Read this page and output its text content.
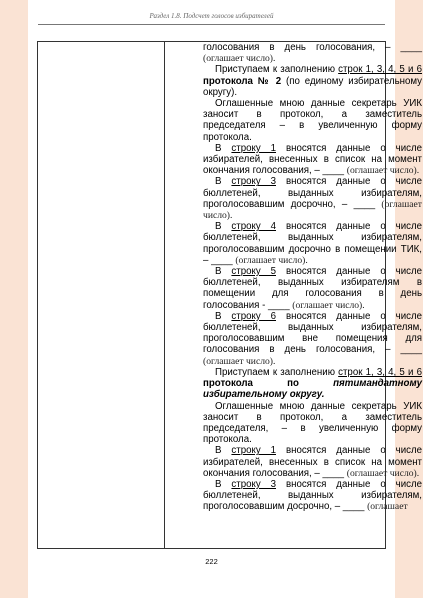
Раздел 1.8. Подсчет голосов избирателей

голосования в день голосования, – ____ (оглашает число).

Приступаем к заполнению строк 1, 3, 4, 5 и 6 протокола № 2 (по единому избирательному округу).

Оглашенные мною данные секретарь УИК заносит в протокол, а заместитель председателя – в увеличенную форму протокола.

В строку 1 вносятся данные о числе избирателей, внесенных в список на момент окончания голосования, – ____ (оглашает число).

В строку 3 вносятся данные о числе бюллетеней, выданных избирателям, проголосовавшим досрочно, – ____ (оглашает число).

В строку 4 вносятся данные о числе бюллетеней, выданных избирателям, проголосовавшим досрочно в помещении ТИК, – ____ (оглашает число).

В строку 5 вносятся данные о числе бюллетеней, выданных избирателям в помещении для голосования в день голосования - ____ (оглашает число).

В строку 6 вносятся данные о числе бюллетеней, выданных избирателям, проголосовавшим вне помещения для голосования в день голосования, – ____ (оглашает число).

Приступаем к заполнению строк 1, 3, 4, 5 и 6 протокола по	пятимандатному избирательному округу.

Оглашенные мною данные секретарь УИК заносит в протокол, а заместитель председателя, – в увеличенную форму протокола.

В строку 1 вносятся данные о числе избирателей, внесенных в список на момент окончания голосования, – ____ (оглашает число).

В строку 3 вносятся данные о числе бюллетеней, выданных избирателям, проголосовавшим досрочно, – ____ (оглашает

222
